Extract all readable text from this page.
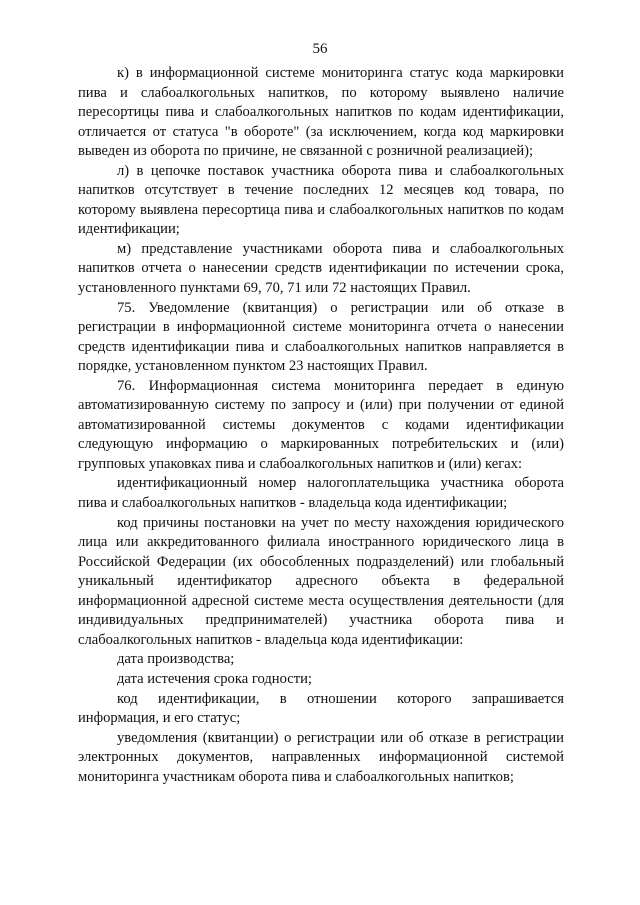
56

к) в информационной системе мониторинга статус кода маркировки пива и слабоалкогольных напитков, по которому выявлено наличие пересортицы пива и слабоалкогольных напитков по кодам идентификации, отличается от статуса "в обороте" (за исключением, когда код маркировки выведен из оборота по причине, не связанной с розничной реализацией);

л) в цепочке поставок участника оборота пива и слабоалкогольных напитков отсутствует в течение последних 12 месяцев код товара, по которому выявлена пересортица пива и слабоалкогольных напитков по кодам идентификации;

м) представление участниками оборота пива и слабоалкогольных напитков отчета о нанесении средств идентификации по истечении срока, установленного пунктами 69, 70, 71 или 72 настоящих Правил.

75. Уведомление (квитанция) о регистрации или об отказе в регистрации в информационной системе мониторинга отчета о нанесении средств идентификации пива и слабоалкогольных напитков направляется в порядке, установленном пунктом 23 настоящих Правил.

76. Информационная система мониторинга передает в единую автоматизированную систему по запросу и (или) при получении от единой автоматизированной системы документов с кодами идентификации следующую информацию о маркированных потребительских и (или) групповых упаковках пива и слабоалкогольных напитков и (или) кегах:

идентификационный номер налогоплательщика участника оборота пива и слабоалкогольных напитков - владельца кода идентификации;

код причины постановки на учет по месту нахождения юридического лица или аккредитованного филиала иностранного юридического лица в Российской Федерации (их обособленных подразделений) или глобальный уникальный идентификатор адресного объекта в федеральной информационной адресной системе места осуществления деятельности (для индивидуальных предпринимателей) участника оборота пива и слабоалкогольных напитков - владельца кода идентификации:

дата производства;

дата истечения срока годности;

код идентификации, в отношении которого запрашивается информация, и его статус;

уведомления (квитанции) о регистрации или об отказе в регистрации электронных документов, направленных информационной системой мониторинга участникам оборота пива и слабоалкогольных напитков;
